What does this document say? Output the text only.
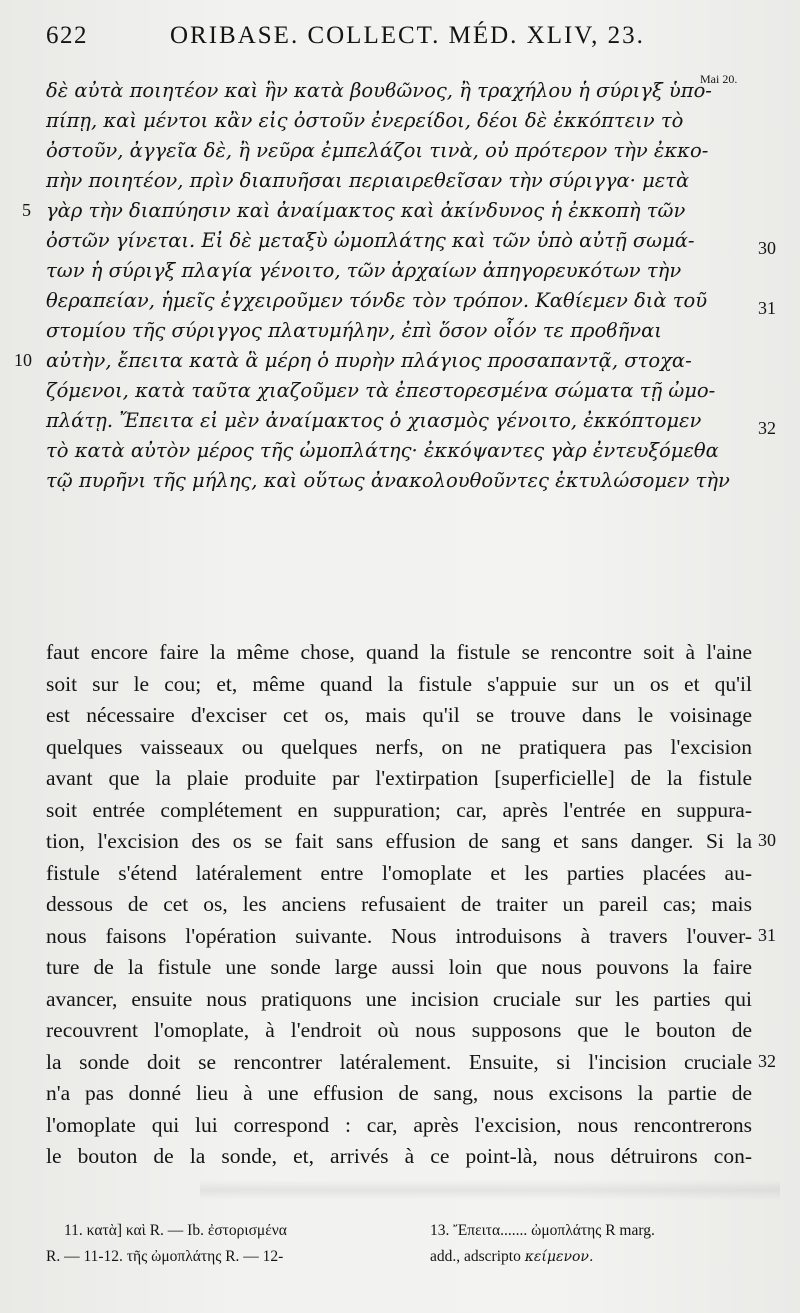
622	ORIBASE. COLLECT. MÉD. XLIV, 23.
Mai 20.
δὲ αὐτὰ ποιητέον καὶ ἣν κατὰ βουϐῶνος, ἢ τραχήλου ἡ σύριγξ ὑπο-
πίπῃ, καὶ μέντοι κἂν εἰς ὀστοῦν ἐνερείδοι, δέοι δὲ ἐκκόπτειν τὸ
ὀστοῦν, ἀγγεῖα δὲ, ἢ νεῦρα ἐμπελάζοι τινὰ, οὐ πρότερον τὴν ἐκκο-
πὴν ποιητέον, πρὶν διαπυῆσαι περιαιρεθεῖσαν τὴν σύριγγα· μετὰ
γὰρ τὴν διαπύησιν καὶ ἀναίμακτος καὶ ἀκίνδυνος ἡ ἐκκοπὴ τῶν
ὀστῶν γίνεται. Εἰ δὲ μεταξὺ ὠμοπλάτης καὶ τῶν ὑπὸ αὐτῇ σωμά-
των ἡ σύριγξ πλαγία γένοιτο, τῶν ἀρχαίων ἀπηγορευκότων τὴν
θεραπείαν, ἡμεῖς ἐγχειροῦμεν τόνδε τὸν τρόπον. Καθίεμεν διὰ τοῦ
στομίου τῆς σύριγγος πλατυμήλην, ἐπὶ ὅσον οἷόν τε προϐῆναι
αὐτὴν, ἔπειτα κατὰ ἃ μέρη ὁ πυρὴν πλάγιος προσαπαντᾷ, στοχα-
ζόμενοι, κατὰ ταῦτα χιαζοῦμεν τὰ ἐπεστορεσμένα σώματα τῇ ὠμο-
πλάτῃ. Ἔπειτα εἰ μὲν ἀναίμακτος ὁ χιασμὸς γένοιτο, ἐκκόπτομεν
τὸ κατὰ αὐτὸν μέρος τῆς ὠμοπλάτης· ἐκκόψαντες γὰρ ἐντευξόμεθα
τῷ πυρῆνι τῆς μήλης, καὶ οὕτως ἀνακολουθοῦντες ἐκτυλώσομεν τὴν
5
10
30
31
32
faut encore faire la même chose, quand la fistule se rencontre soit à l'aine
soit sur le cou; et, même quand la fistule s'appuie sur un os et qu'il
est nécessaire d'exciser cet os, mais qu'il se trouve dans le voisinage
quelques vaisseaux ou quelques nerfs, on ne pratiquera pas l'excision
avant que la plaie produite par l'extirpation [superficielle] de la fistule
soit entrée complétement en suppuration; car, après l'entrée en suppura-
tion, l'excision des os se fait sans effusion de sang et sans danger. Si la
fistule s'étend latéralement entre l'omoplate et les parties placées au-
dessous de cet os, les anciens refusaient de traiter un pareil cas; mais
nous faisons l'opération suivante. Nous introduisons à travers l'ouver-
ture de la fistule une sonde large aussi loin que nous pouvons la faire
avancer, ensuite nous pratiquons une incision cruciale sur les parties qui
recouvrent l'omoplate, à l'endroit où nous supposons que le bouton de
la sonde doit se rencontrer latéralement. Ensuite, si l'incision cruciale
n'a pas donné lieu à une effusion de sang, nous excisons la partie de
l'omoplate qui lui correspond : car, après l'excision, nous rencontrerons
le bouton de la sonde, et, arrivés à ce point-là, nous détruirons con-
30
31
32
11. κατὰ] καὶ R. — Ib. ἐστορισμένα
R. — 11-12. τῆς ὠμοπλάτης R. — 12-
13. Ἔπειτα....... ὠμοπλάτης R marg.
add., adscripto κείμενον.
